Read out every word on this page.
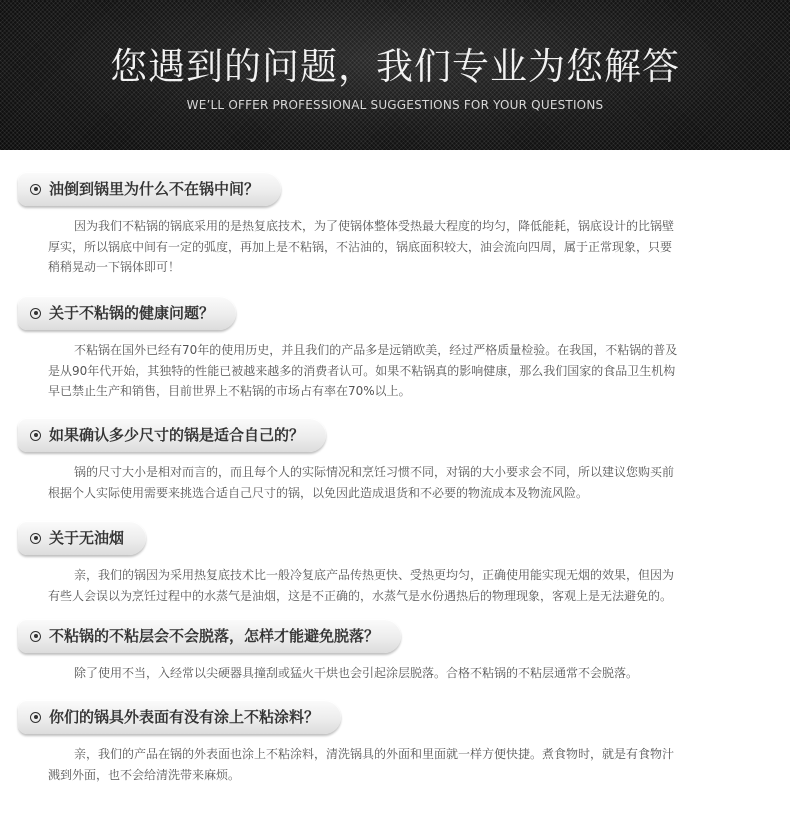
您遇到的问题，我们专业为您解答
WE’LL OFFER PROFESSIONAL SUGGESTIONS FOR YOUR QUESTIONS
油倒到锅里为什么不在锅中间？
因为我们不粘锅的锅底采用的是热复底技术，为了使锅体整体受热最大程度的均匀，降低能耗，锅底设计的比锅壁
厚实，所以锅底中间有一定的弧度，再加上是不粘锅，不沾油的，锅底面积较大，油会流向四周，属于正常现象，只要
稍稍晃动一下锅体即可！
关于不粘锅的健康问题？
不粘锅在国外已经有70年的使用历史，并且我们的产品多是远销欧美，经过严格质量检验。在我国，不粘锅的普及
是从90年代开始，其独特的性能已被越来越多的消费者认可。如果不粘锅真的影响健康，那么我们国家的食品卫生机构
早已禁止生产和销售，目前世界上不粘锅的市场占有率在70%以上。
如果确认多少尺寸的锅是适合自己的？
锅的尺寸大小是相对而言的，而且每个人的实际情况和烹饪习惯不同，对锅的大小要求会不同，所以建议您购买前
根据个人实际使用需要来挑选合适自己尺寸的锅，以免因此造成退货和不必要的物流成本及物流风险。
关于无油烟
亲，我们的锅因为采用热复底技术比一般冷复底产品传热更快、受热更均匀，正确使用能实现无烟的效果，但因为
有些人会误以为烹饪过程中的水蒸气是油烟，这是不正确的，水蒸气是水份遇热后的物理现象，客观上是无法避免的。
不粘锅的不粘层会不会脱落，怎样才能避免脱落？
除了使用不当，入经常以尖硬器具撞刮或猛火干烘也会引起涂层脱落。合格不粘锅的不粘层通常不会脱落。
你们的锅具外表面有没有涂上不粘涂料？
亲，我们的产品在锅的外表面也涂上不粘涂料，清洗锅具的外面和里面就一样方便快捷。煮食物时，就是有食物汁
溅到外面，也不会给清洗带来麻烦。
